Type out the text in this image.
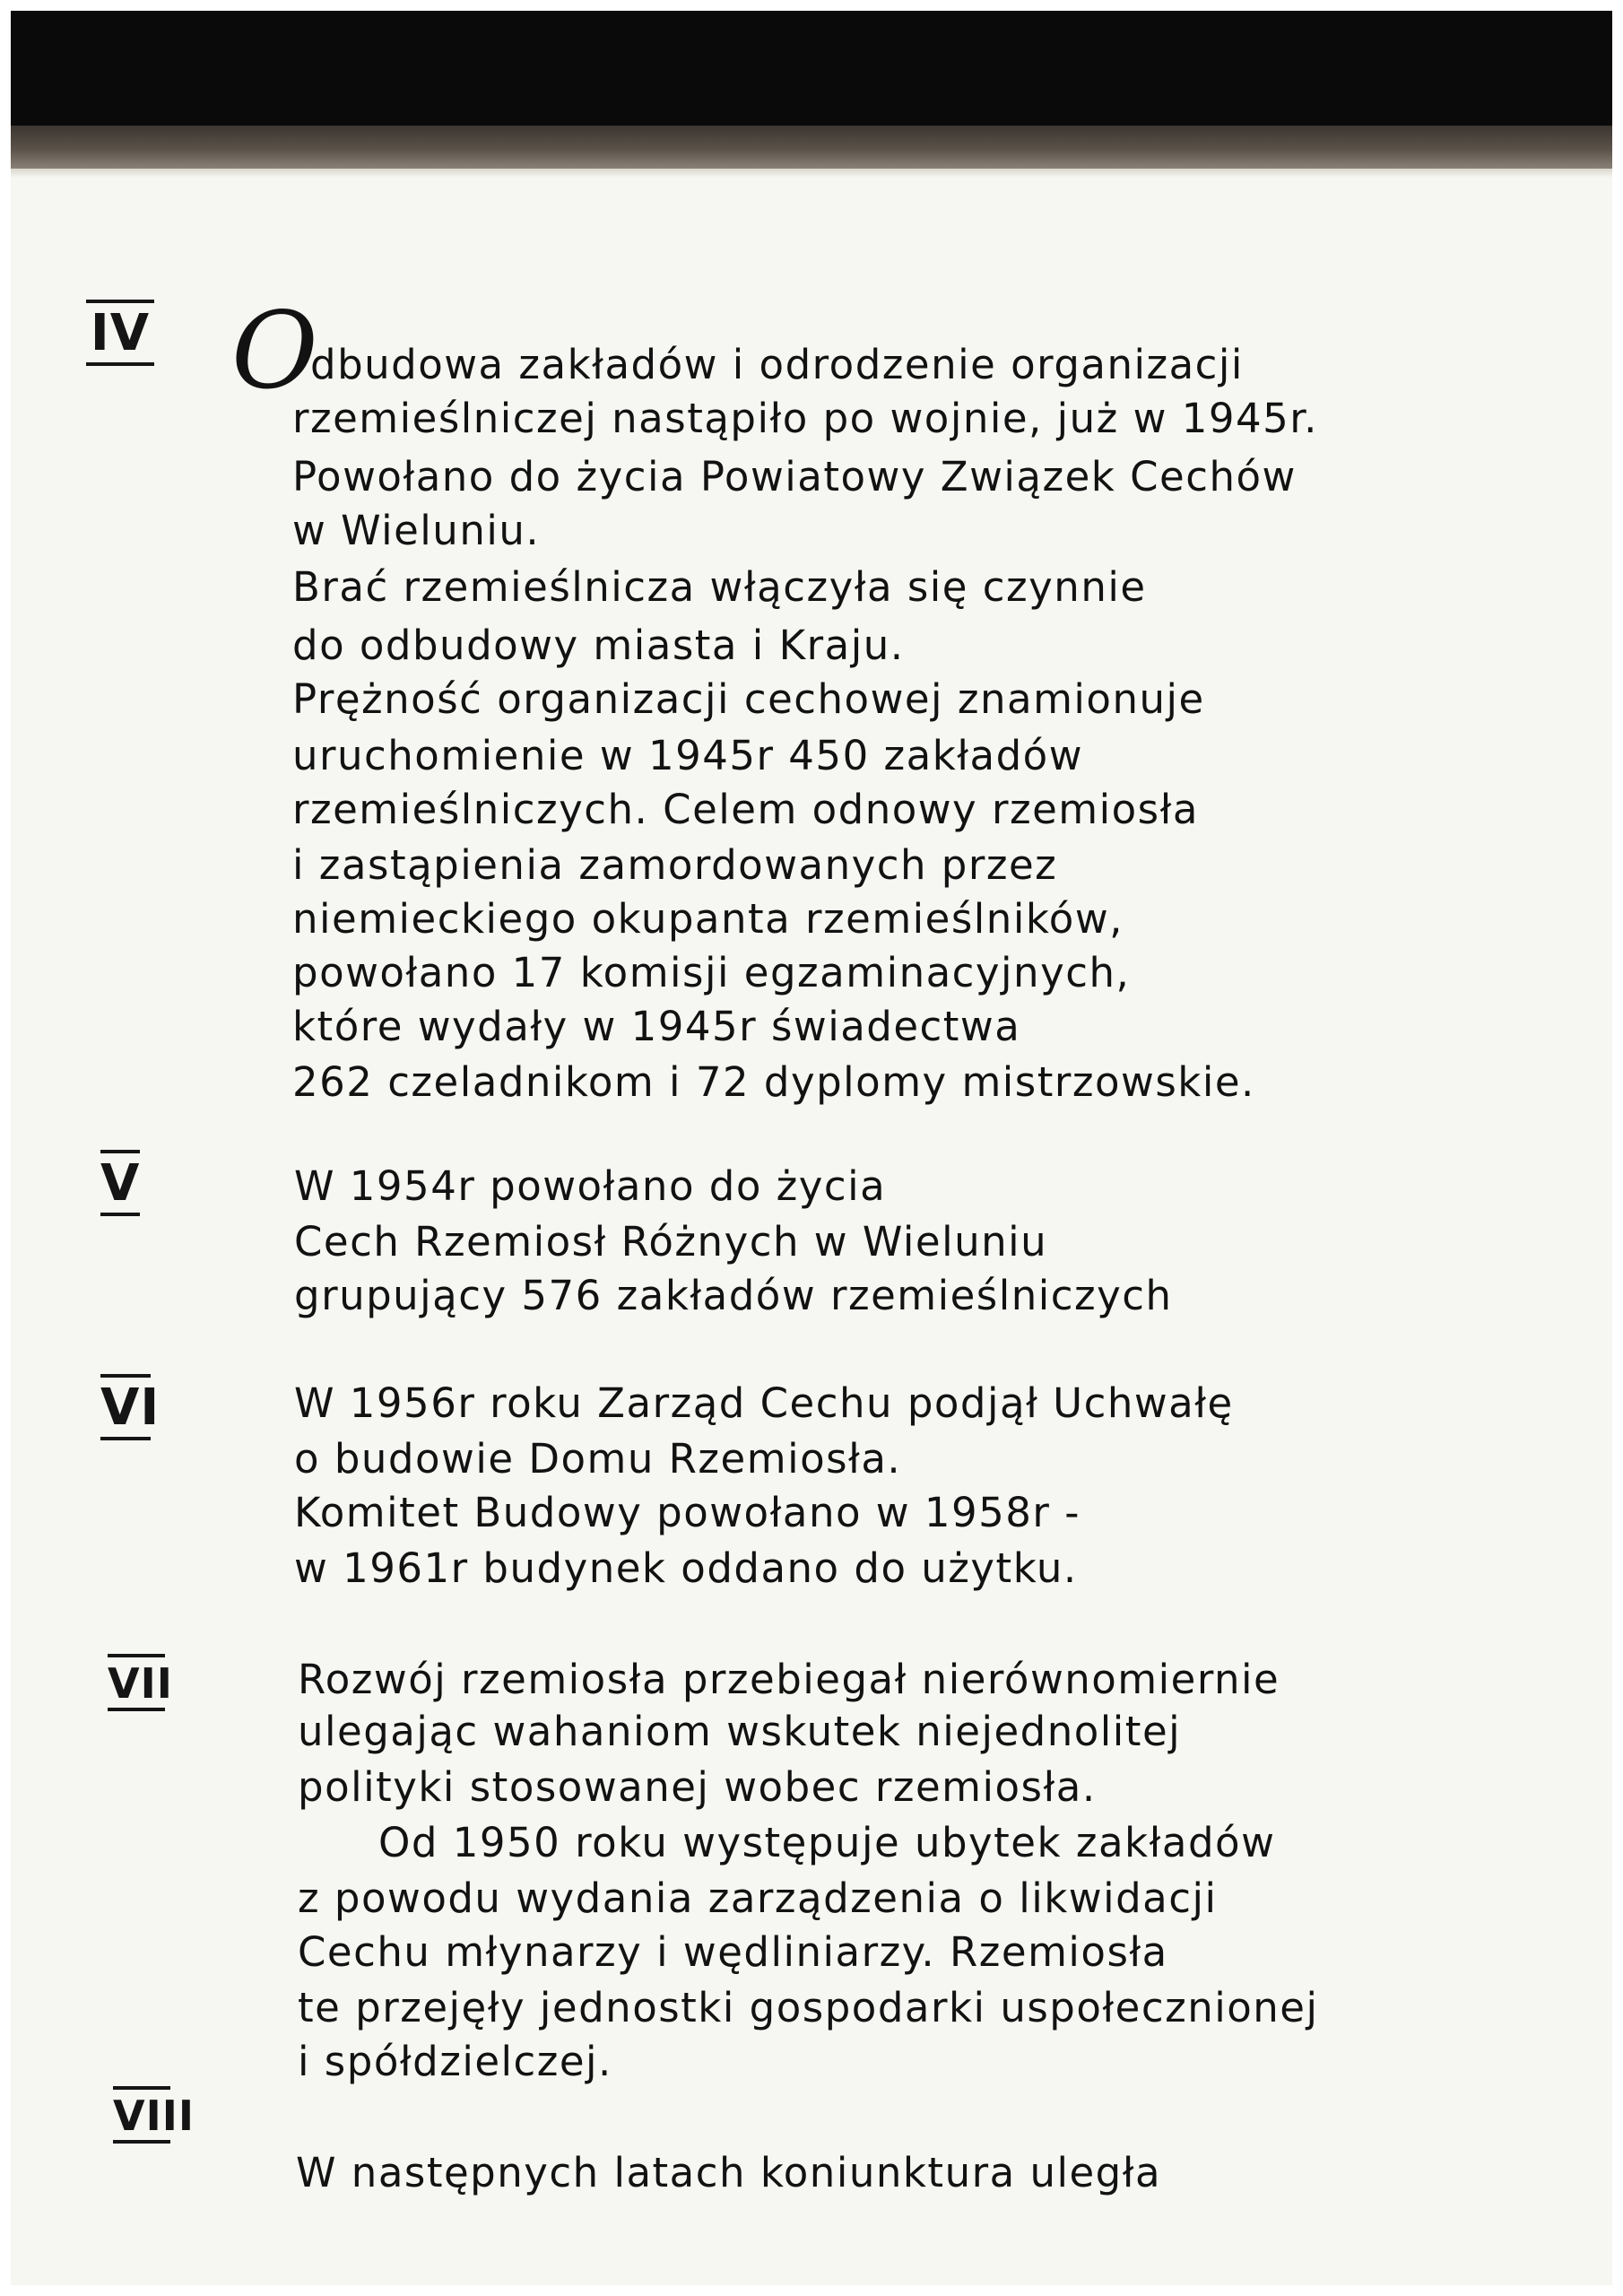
IV O
dbudowa zakładów i odrodzenie organizacji
rzemieślniczej nastąpiło po wojnie, już w 1945r.
Powołano do życia Powiatowy Związek Cechów
w Wieluniu.
Brać rzemieślnicza włączyła się czynnie
do odbudowy miasta i Kraju.
Prężność organizacji cechowej znamionuje
uruchomienie w 1945r 450 zakładów
rzemieślniczych. Celem odnowy rzemiosła
i zastąpienia zamordowanych przez
niemieckiego okupanta rzemieślników,
powołano 17 komisji egzaminacyjnych,
które wydały w 1945r świadectwa
262 czeladnikom i 72 dyplomy mistrzowskie.
V	W 1954r powołano do życia
Cech Rzemiosł Różnych w Wieluniu
grupujący 576 zakładów rzemieślniczych
VI	W 1956r roku Zarząd Cechu podjął Uchwałę
o budowie Domu Rzemiosła.
Komitet Budowy powołano w 1958r -
w 1961r budynek oddano do użytku.
VII	Rozwój rzemiosła przebiegał nierównomiernie
ulegając wahaniom wskutek niejednolitej
polityki stosowanej wobec rzemiosła.
Od 1950 roku występuje ubytek zakładów
z powodu wydania zarządzenia o likwidacji
Cechu młynarzy i wędliniarzy. Rzemiosła
te przejęły jednostki gospodarki uspołecznionej
i spółdzielczej.
VIII
W następnych latach koniunktura uległa
